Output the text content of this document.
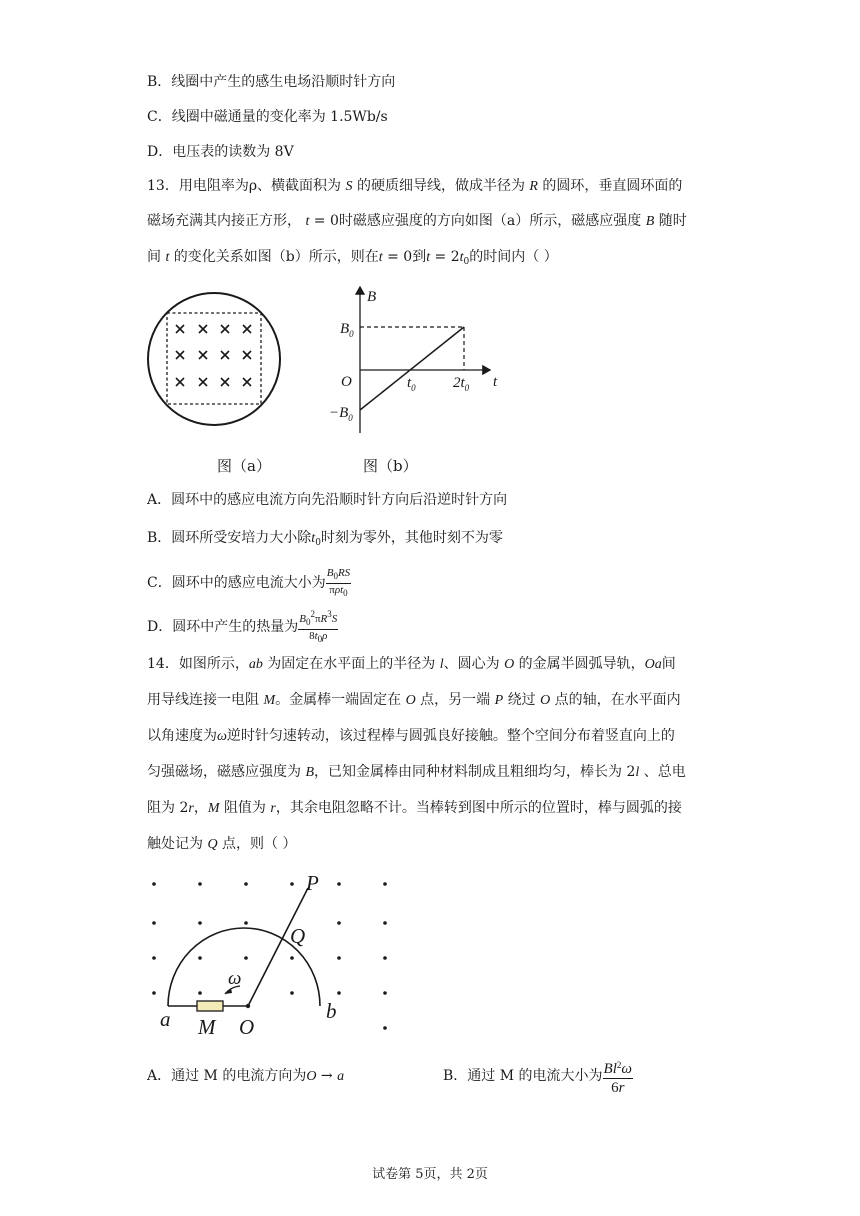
B．线圈中产生的感生电场沿顺时针方向
C．线圈中磁通量的变化率为 1.5Wb/s
D．电压表的读数为 8V
13．用电阻率为ρ、横截面积为 S 的硬质细导线，做成半径为 R 的圆环，垂直圆环面的
磁场充满其内接正方形， t = 0时磁感应强度的方向如图（a）所示，磁感应强度 B 随时
间 t 的变化关系如图（b）所示，则在t = 0到$t = 2t_0$的时间内（ ）
图（a）
B
t
O
$B_0$
$-B_0$
$t_0$ $2t_0$
图（b）
A．圆环中的感应电流方向先沿顺时针方向后沿逆时针方向
B．圆环所受安培力大小除$t_0$时刻为零外，其他时刻不为零
C．圆环中的感应电流大小为 $\frac{B_0RS}{\pi\rho t_0}$
D．圆环中产生的热量为 $\frac{B_0^2\pi R^3S}{8t_0\rho}$
14．如图所示，ab 为固定在水平面上的半径为 l、圆心为 O 的金属半圆弧导轨，Oa间
用导线连接一电阻 M。金属棒一端固定在 O 点，另一端 P 绕过 O 点的轴，在水平面内
以角速度为ω逆时针匀速转动，该过程棒与圆弧良好接触。整个空间分布着竖直向上的
匀强磁场，磁感应强度为 B，已知金属棒由同种材料制成且粗细均匀，棒长为 2l 、总电
阻为 2r，M 阻值为 r，其余电阻忽略不计。当棒转到图中所示的位置时，棒与圆弧的接
触处记为 Q 点，则（ ）
P
Q
ω
a M O
b
A．通过 M 的电流方向为O → a	B．通过 M 的电流大小为 $\frac{Bl^2\omega}{6r}$
试卷第 5页，共 2页
